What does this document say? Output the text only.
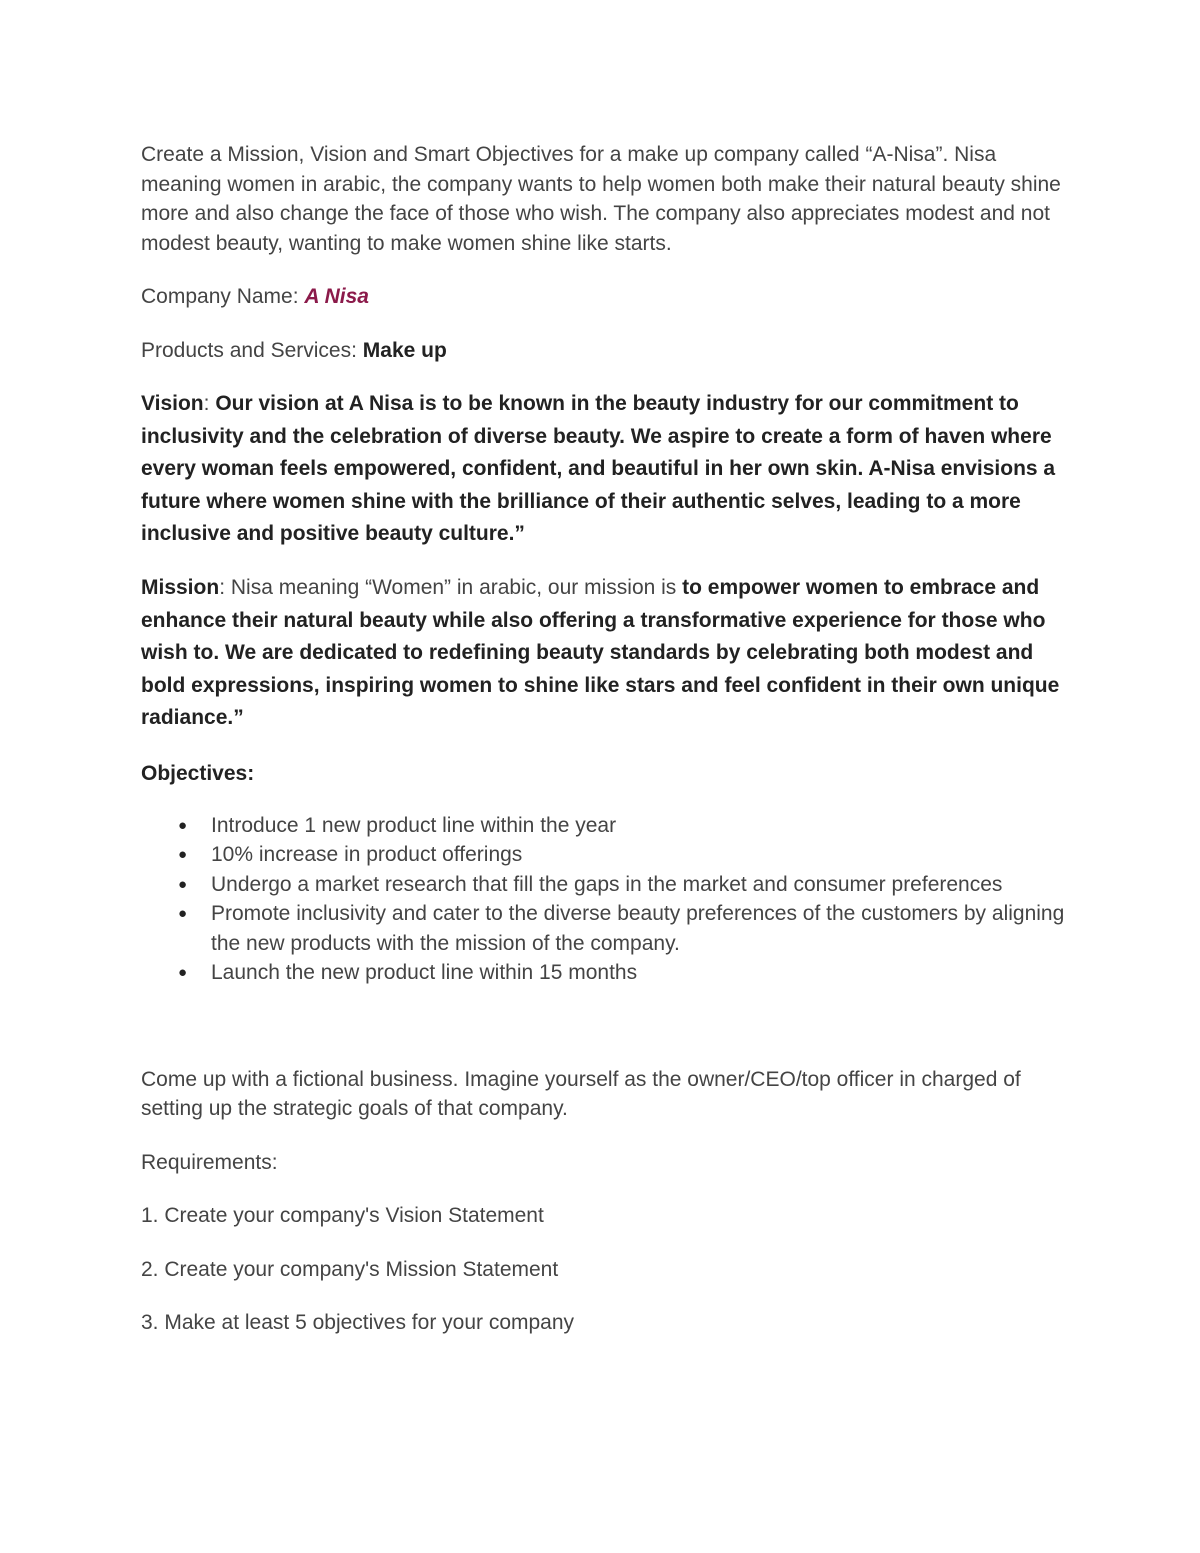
Create a Mission, Vision and Smart Objectives for a make up company called “A-Nisa”. Nisa meaning women in arabic, the company wants to help women both make their natural beauty shine more and also change the face of those who wish. The company also appreciates modest and not modest beauty, wanting to make women shine like starts.

Company Name: A Nisa

Products and Services: Make up

Vision: Our vision at A Nisa is to be known in the beauty industry for our commitment to inclusivity and the celebration of diverse beauty. We aspire to create a form of haven where every woman feels empowered, confident, and beautiful in her own skin. A-Nisa envisions a future where women shine with the brilliance of their authentic selves, leading to a more inclusive and positive beauty culture.”

Mission: Nisa meaning “Women” in arabic, our mission is to empower women to embrace and enhance their natural beauty while also offering a transformative experience for those who wish to. We are dedicated to redefining beauty standards by celebrating both modest and bold expressions, inspiring women to shine like stars and feel confident in their own unique radiance.”

Objectives:

● Introduce 1 new product line within the year
● 10% increase in product offerings
● Undergo a market research that fill the gaps in the market and consumer preferences
● Promote inclusivity and cater to the diverse beauty preferences of the customers by aligning the new products with the mission of the company.
● Launch the new product line within 15 months

Come up with a fictional business. Imagine yourself as the owner/CEO/top officer in charged of setting up the strategic goals of that company.

Requirements:

1. Create your company's Vision Statement

2. Create your company's Mission Statement

3. Make at least 5 objectives for your company
